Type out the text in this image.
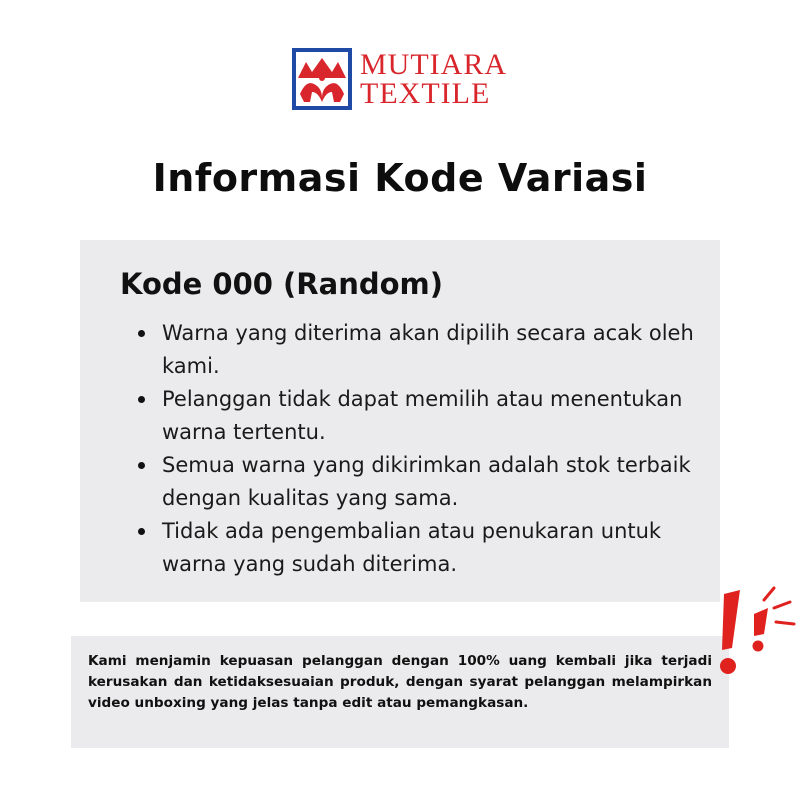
MUTIARA
TEXTILE
Informasi Kode Variasi
Kode 000 (Random)
Warna yang diterima akan dipilih secara acak oleh kami.
Pelanggan tidak dapat memilih atau menentukan warna tertentu.
Semua warna yang dikirimkan adalah stok terbaik dengan kualitas yang sama.
Tidak ada pengembalian atau penukaran untuk warna yang sudah diterima.

Kami menjamin kepuasan pelanggan dengan 100% uang kembali jika terjadi kerusakan dan ketidaksesuaian produk, dengan syarat pelanggan melampirkan video unboxing yang jelas tanpa edit atau pemangkasan.
